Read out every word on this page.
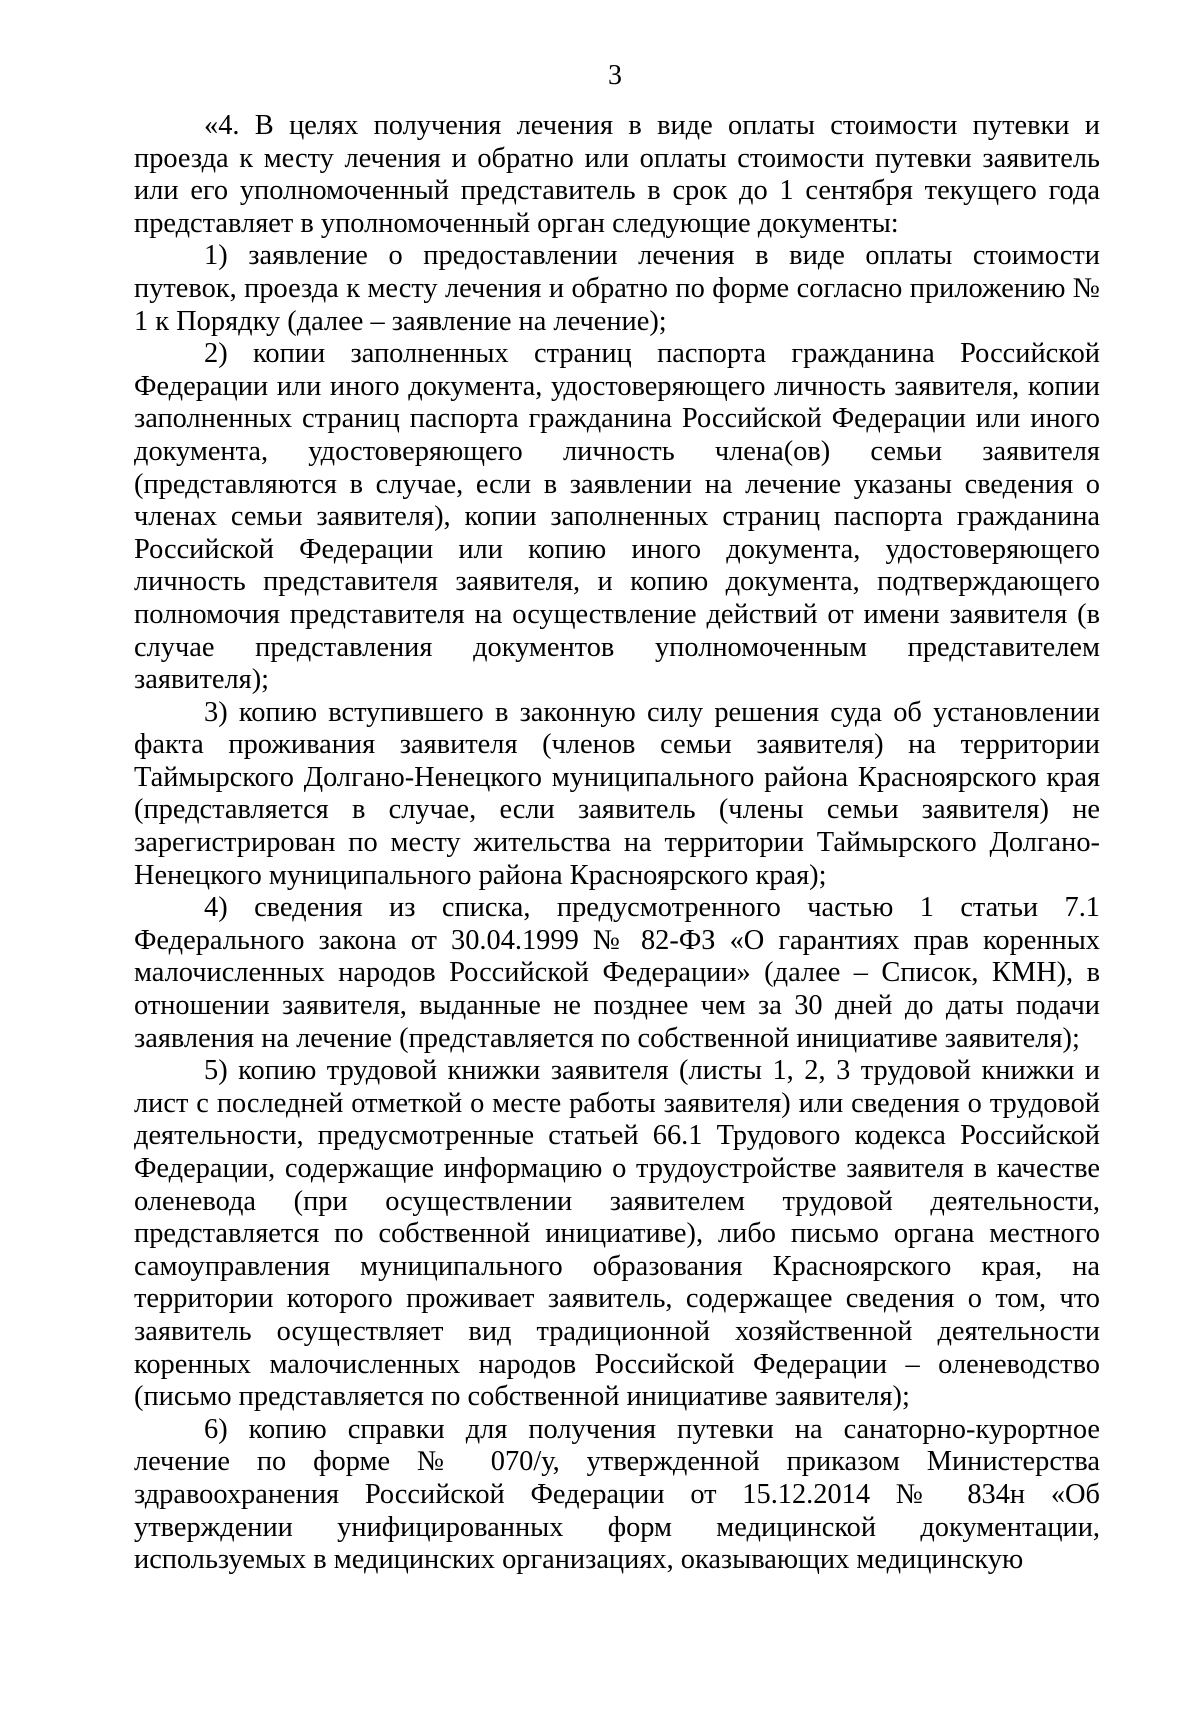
3

«4. В целях получения лечения в виде оплаты стоимости путевки и проезда к месту лечения и обратно или оплаты стоимости путевки заявитель или его уполномоченный представитель в срок до 1 сентября текущего года представляет в уполномоченный орган следующие документы:

1) заявление о предоставлении лечения в виде оплаты стоимости путевок, проезда к месту лечения и обратно по форме согласно приложению № 1 к Порядку (далее – заявление на лечение);

2) копии заполненных страниц паспорта гражданина Российской Федерации или иного документа, удостоверяющего личность заявителя, копии заполненных страниц паспорта гражданина Российской Федерации или иного документа, удостоверяющего личность члена(ов) семьи заявителя (представляются в случае, если в заявлении на лечение указаны сведения о членах семьи заявителя), копии заполненных страниц паспорта гражданина Российской Федерации или копию иного документа, удостоверяющего личность представителя заявителя, и копию документа, подтверждающего полномочия представителя на осуществление действий от имени заявителя (в случае представления документов уполномоченным представителем заявителя);

3) копию вступившего в законную силу решения суда об установлении факта проживания заявителя (членов семьи заявителя) на территории Таймырского Долгано-Ненецкого муниципального района Красноярского края (представляется в случае, если заявитель (члены семьи заявителя) не зарегистрирован по месту жительства на территории Таймырского Долгано-Ненецкого муниципального района Красноярского края);

4) сведения из списка, предусмотренного частью 1 статьи 7.1 Федерального закона от 30.04.1999 № 82-ФЗ «О гарантиях прав коренных малочисленных народов Российской Федерации» (далее – Список, КМН), в отношении заявителя, выданные не позднее чем за 30 дней до даты подачи заявления на лечение (представляется по собственной инициативе заявителя);

5) копию трудовой книжки заявителя (листы 1, 2, 3 трудовой книжки и лист с последней отметкой о месте работы заявителя) или сведения о трудовой деятельности, предусмотренные статьей 66.1 Трудового кодекса Российской Федерации, содержащие информацию о трудоустройстве заявителя в качестве оленевода (при осуществлении заявителем трудовой деятельности, представляется по собственной инициативе), либо письмо органа местного самоуправления муниципального образования Красноярского края, на территории которого проживает заявитель, содержащее сведения о том, что заявитель осуществляет вид традиционной хозяйственной деятельности коренных малочисленных народов Российской Федерации – оленеводство (письмо представляется по собственной инициативе заявителя);

6) копию справки для получения путевки на санаторно-курортное лечение по форме № 070/у, утвержденной приказом Министерства здравоохранения Российской Федерации от 15.12.2014 № 834н «Об утверждении унифицированных форм медицинской документации, используемых в медицинских организациях, оказывающих медицинскую
